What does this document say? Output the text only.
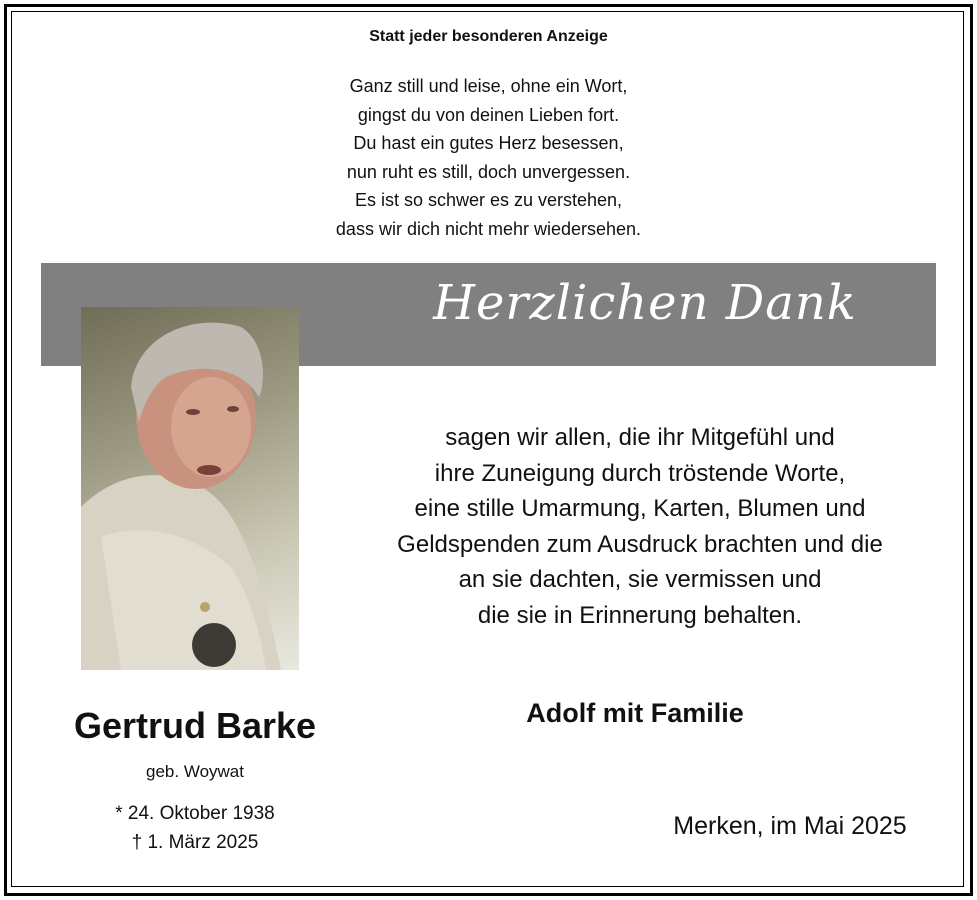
Statt jeder besonderen Anzeige
Ganz still und leise, ohne ein Wort,
gingst du von deinen Lieben fort.
Du hast ein gutes Herz besessen,
nun ruht es still, doch unvergessen.
Es ist so schwer es zu verstehen,
dass wir dich nicht mehr wiedersehen.
Herzlichen Dank
sagen wir allen, die ihr Mitgefühl und
ihre Zuneigung durch tröstende Worte,
eine stille Umarmung, Karten, Blumen und
Geldspenden zum Ausdruck brachten und die
an sie dachten, sie vermissen und
die sie in Erinnerung behalten.
Adolf mit Familie
Gertrud Barke
geb. Woywat
* 24. Oktober 1938
† 1. März 2025
Merken, im Mai 2025
